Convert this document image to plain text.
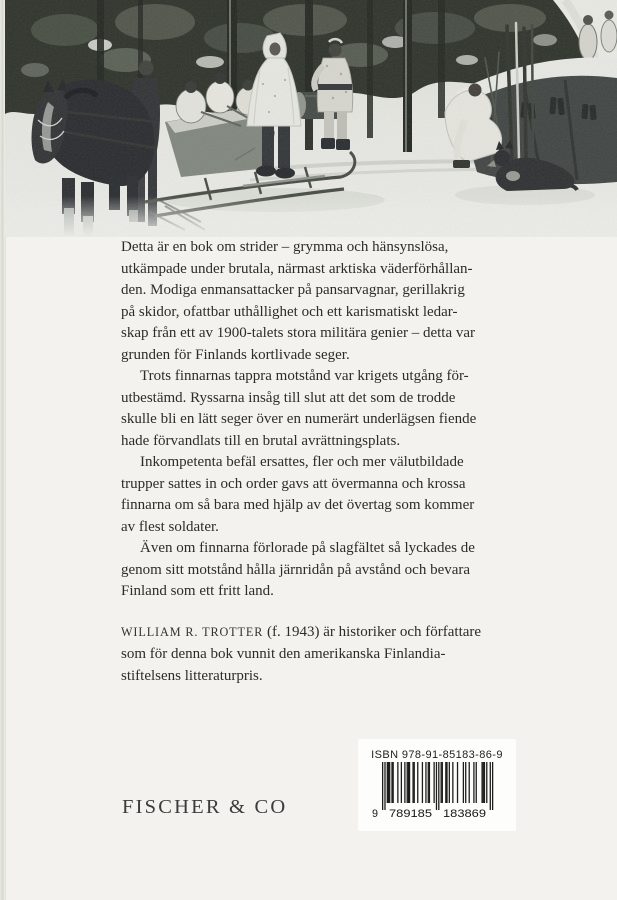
Detta är en bok om strider – grymma och hänsynslösa,
utkämpade under brutala, närmast arktiska väderförhållan-
den. Modiga enmansattacker på pansarvagnar, gerillakrig
på skidor, ofattbar uthållighet och ett karismatiskt ledar-
skap från ett av 1900-talets stora militära genier – detta var
grunden för Finlands kortlivade seger.
Trots finnarnas tappra motstånd var krigets utgång för-
utbestämd. Ryssarna insåg till slut att det som de trodde
skulle bli en lätt seger över en numerärt underlägsen fiende
hade förvandlats till en brutal avrättningsplats.
Inkompetenta befäl ersattes, fler och mer välutbildade
trupper sattes in och order gavs att övermanna och krossa
finnarna om så bara med hjälp av det övertag som kommer
av flest soldater.
Även om finnarna förlorade på slagfältet så lyckades de
genom sitt motstånd hålla järnridån på avstånd och bevara
Finland som ett fritt land.
WILLIAM R. TROTTER (f. 1943) är historiker och författare
som för denna bok vunnit den amerikanska Finlandia-
stiftelsens litteraturpris.
FISCHER & CO
ISBN 978-91-85183-86-9
9 789185 183869
